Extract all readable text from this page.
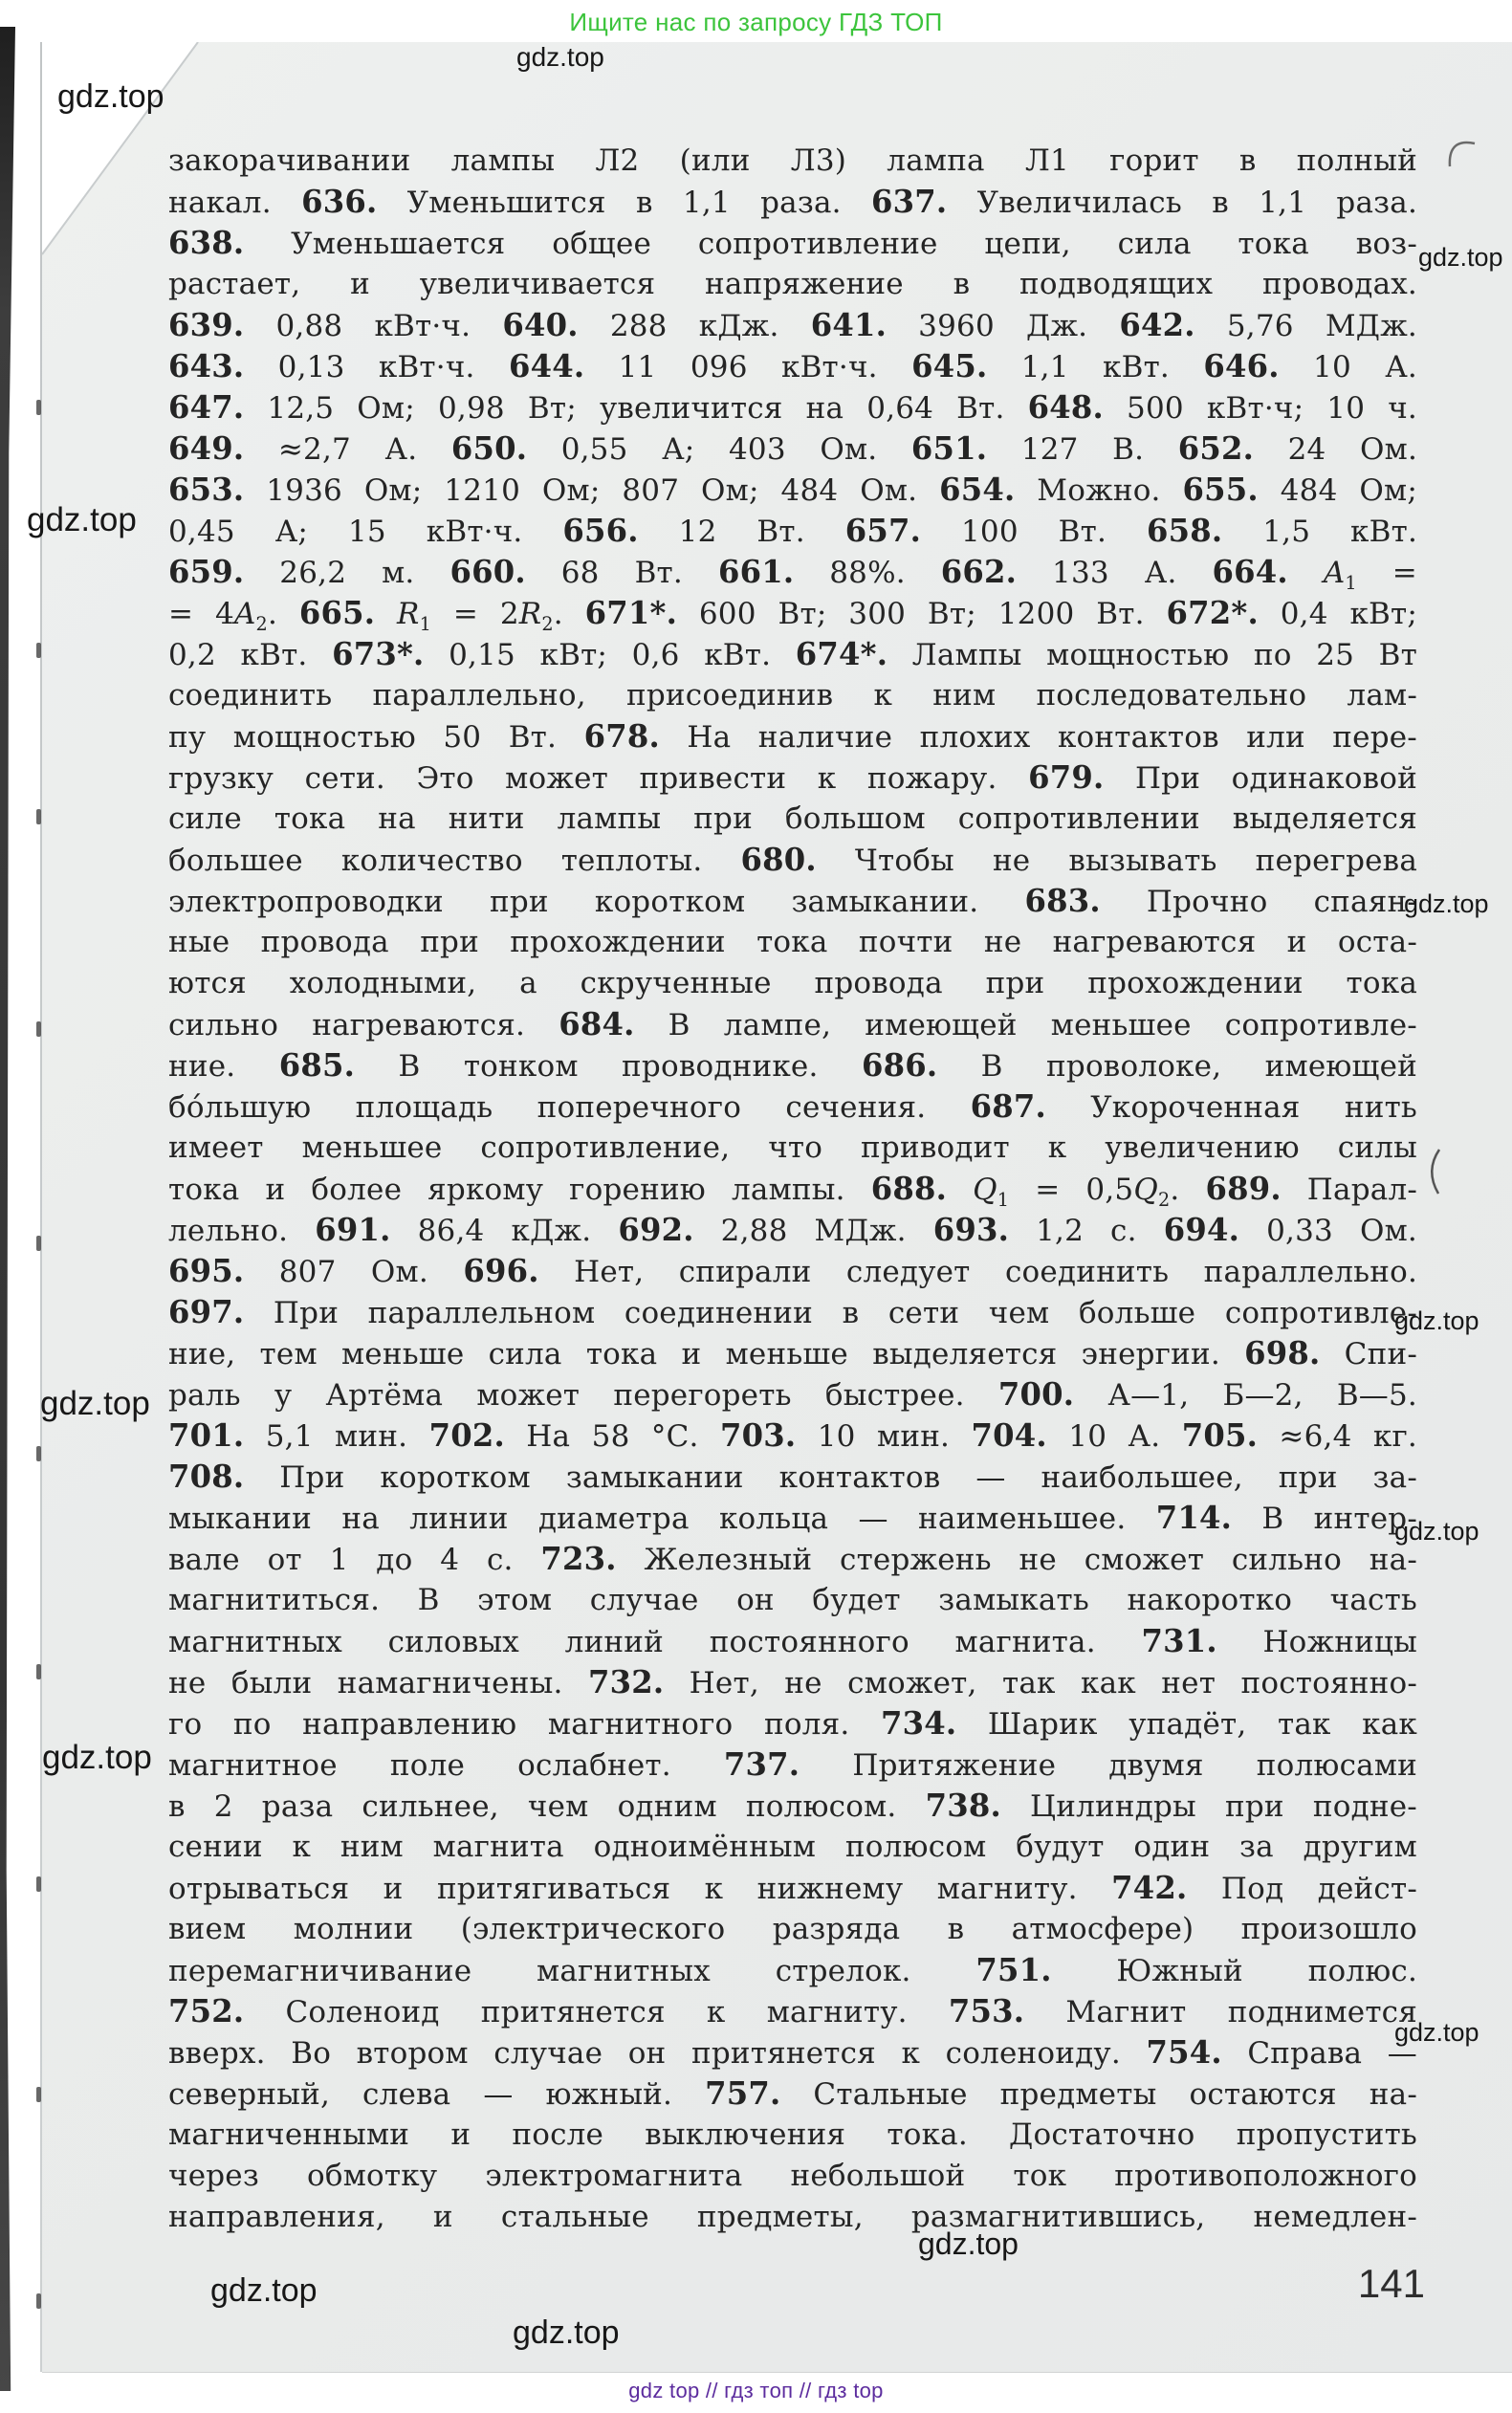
Ищите нас по запросу ГДЗ ТОП
закорачивании лампы Л2 (или Л3) лампа Л1 горит в полный
накал. 636. Уменьшится в 1,1 раза. 637. Увеличилась в 1,1 раза.
638. Уменьшается общее сопротивление цепи, сила тока воз-
растает, и увеличивается напряжение в подводящих проводах.
639. 0,88 кВт·ч. 640. 288 кДж. 641. 3960 Дж. 642. 5,76 МДж.
643. 0,13 кВт·ч. 644. 11 096 кВт·ч. 645. 1,1 кВт. 646. 10 А.
647. 12,5 Ом; 0,98 Вт; увеличится на 0,64 Вт. 648. 500 кВт·ч; 10 ч.
649. ≈2,7 А. 650. 0,55 А; 403 Ом. 651. 127 В. 652. 24 Ом.
653. 1936 Ом; 1210 Ом; 807 Ом; 484 Ом. 654. Можно. 655. 484 Ом;
0,45 А; 15 кВт·ч. 656. 12 Вт. 657. 100 Вт. 658. 1,5 кВт.
659. 26,2 м. 660. 68 Вт. 661. 88%. 662. 133 А. 664. $A_1$ =
= $4A_2$. 665. $R_1 = 2R_2$. 671*. 600 Вт; 300 Вт; 1200 Вт. 672*. 0,4 кВт;
0,2 кВт. 673*. 0,15 кВт; 0,6 кВт. 674*. Лампы мощностью по 25 Вт
соединить параллельно, присоединив к ним последовательно лам-
пу мощностью 50 Вт. 678. На наличие плохих контактов или пере-
грузку сети. Это может привести к пожару. 679. При одинаковой
силе тока на нити лампы при большом сопротивлении выделяется
большее количество теплоты. 680. Чтобы не вызывать перегрева
электропроводки при коротком замыкании. 683. Прочно спаян-
ные провода при прохождении тока почти не нагреваются и оста-
ются холодными, а скрученные провода при прохождении тока
сильно нагреваются. 684. В лампе, имеющей меньшее сопротивле-
ние. 685. В тонком проводнике. 686. В проволоке, имеющей
бо́льшую площадь поперечного сечения. 687. Укороченная нить
имеет меньшее сопротивление, что приводит к увеличению силы
тока и более яркому горению лампы. 688. $Q_1 = 0,5Q_2$. 689. Парал-
лельно. 691. 86,4 кДж. 692. 2,88 МДж. 693. 1,2 с. 694. 0,33 Ом.
695. 807 Ом. 696. Нет, спирали следует соединить параллельно.
697. При параллельном соединении в сети чем больше сопротивле-
ние, тем меньше сила тока и меньше выделяется энергии. 698. Спи-
раль у Артёма может перегореть быстрее. 700. А—1, Б—2, В—5.
701. 5,1 мин. 702. На 58 °С. 703. 10 мин. 704. 10 А. 705. ≈6,4 кг.
708. При коротком замыкании контактов — наибольшее, при за-
мыкании на линии диаметра кольца — наименьшее. 714. В интер-
вале от 1 до 4 с. 723. Железный стержень не сможет сильно на-
магнититься. В этом случае он будет замыкать накоротко часть
магнитных силовых линий постоянного магнита. 731. Ножницы
не были намагничены. 732. Нет, не сможет, так как нет постоянно-
го по направлению магнитного поля. 734. Шарик упадёт, так как
магнитное поле ослабнет. 737. Притяжение двумя полюсами
в 2 раза сильнее, чем одним полюсом. 738. Цилиндры при подне-
сении к ним магнита одноимённым полюсом будут один за другим
отрываться и притягиваться к нижнему магниту. 742. Под дейст-
вием молнии (электрического разряда в атмосфере) произошло
перемагничивание магнитных стрелок. 751. Южный полюс.
752. Соленоид притянется к магниту. 753. Магнит поднимется
вверх. Во втором случае он притянется к соленоиду. 754. Справа —
северный, слева — южный. 757. Стальные предметы остаются на-
магниченными и после выключения тока. Достаточно пропустить
через обмотку электромагнита небольшой ток противоположного
направления, и стальные предметы, размагнитившись, немедлен-
gdz.top
gdz.top
gdz.top
gdz.top
gdz.top
gdz.top
gdz.top
gdz.top
gdz.top
gdz.top
gdz.top
gdz.top
gdz.top
141
gdz top // гдз топ // гдз top
